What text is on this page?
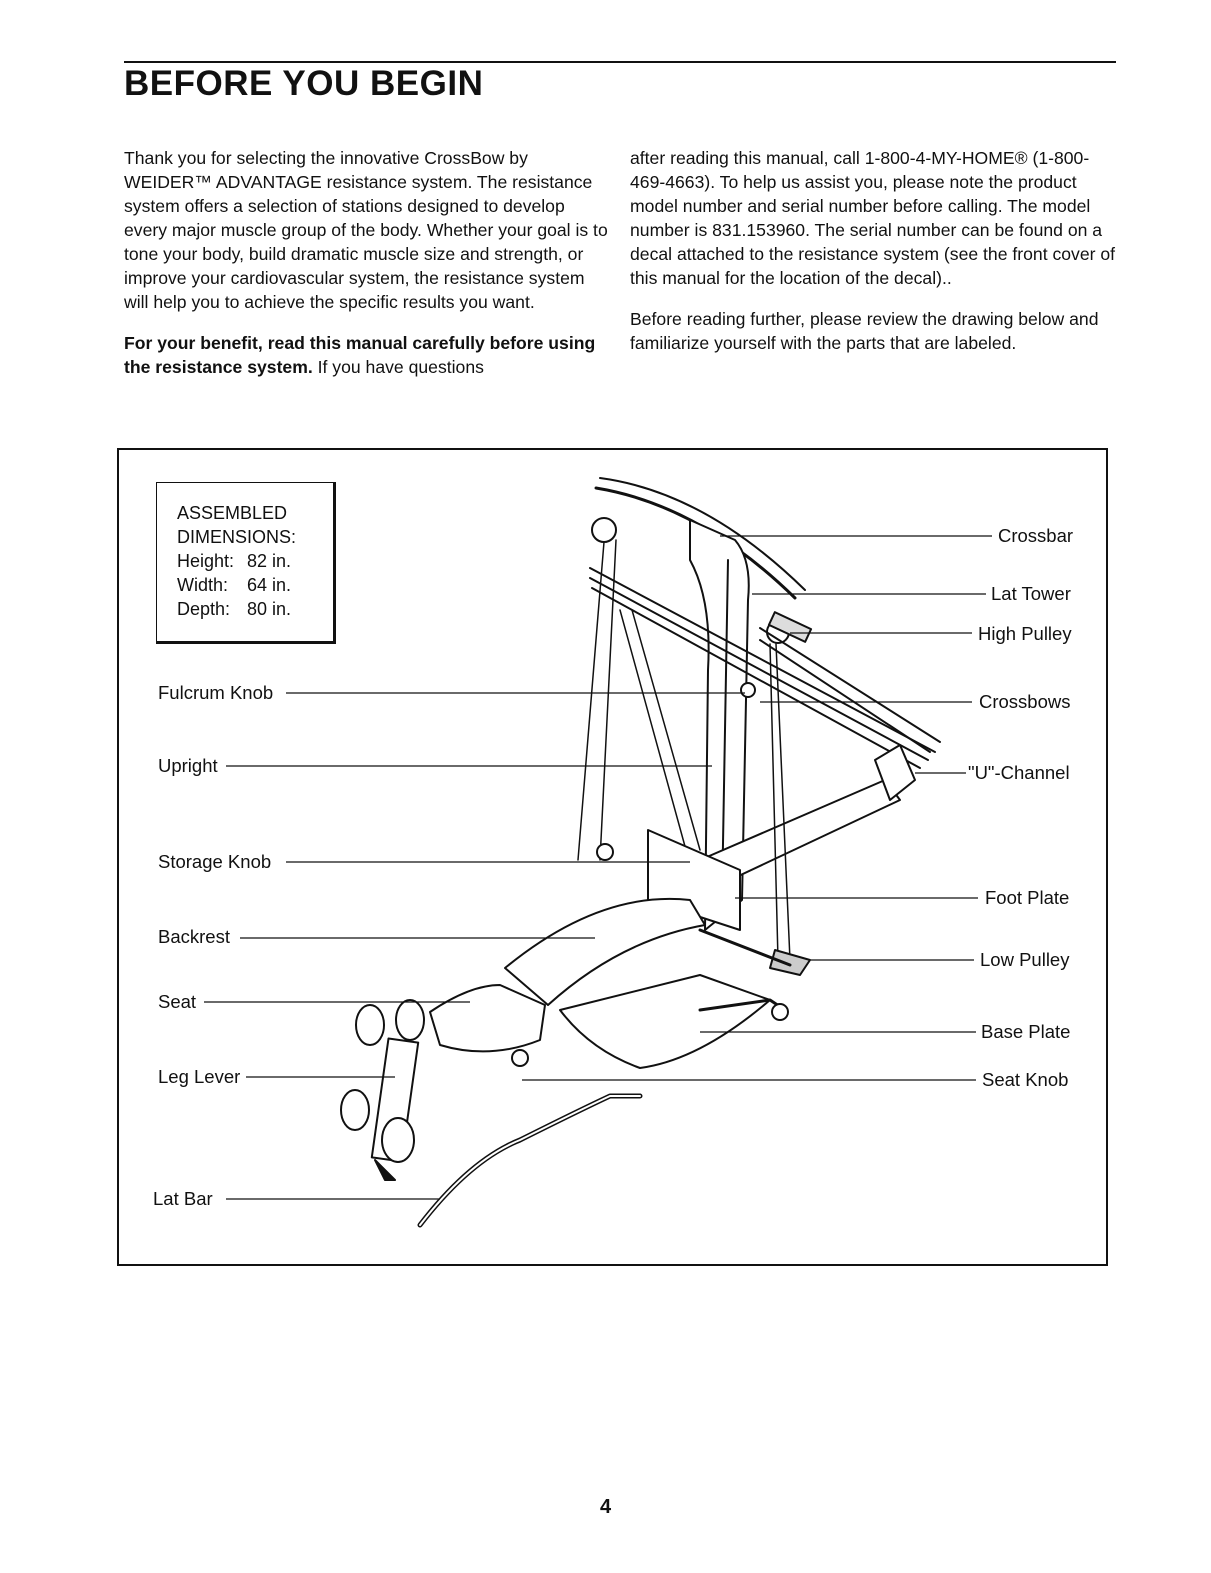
BEFORE YOU BEGIN

Thank you for selecting the innovative CrossBow by WEIDER™ ADVANTAGE resistance system. The resistance system offers a selection of stations designed to develop every major muscle group of the body. Whether your goal is to tone your body, build dramatic muscle size and strength, or improve your cardiovascular system, the resistance system will help you to achieve the specific results you want.

For your benefit, read this manual carefully before using the resistance system. If you have questions

after reading this manual, call 1-800-4-MY-HOME® (1-800-469-4663). To help us assist you, please note the product model number and serial number before calling. The model number is 831.153960. The serial number can be found on a decal attached to the resistance system (see the front cover of this manual for the location of the decal)..

Before reading further, please review the drawing below and familiarize yourself with the parts that are labeled.

ASSEMBLED
DIMENSIONS:
Height: 82 in.
Width:	64 in.
Depth: 80 in.
Fulcrum Knob
Upright
Storage Knob
Backrest
Seat
Leg Lever
Lat Bar
Crossbar
Lat Tower
High Pulley
Crossbows
"U"-Channel
Foot Plate
Low Pulley
Base Plate
Seat Knob
4
